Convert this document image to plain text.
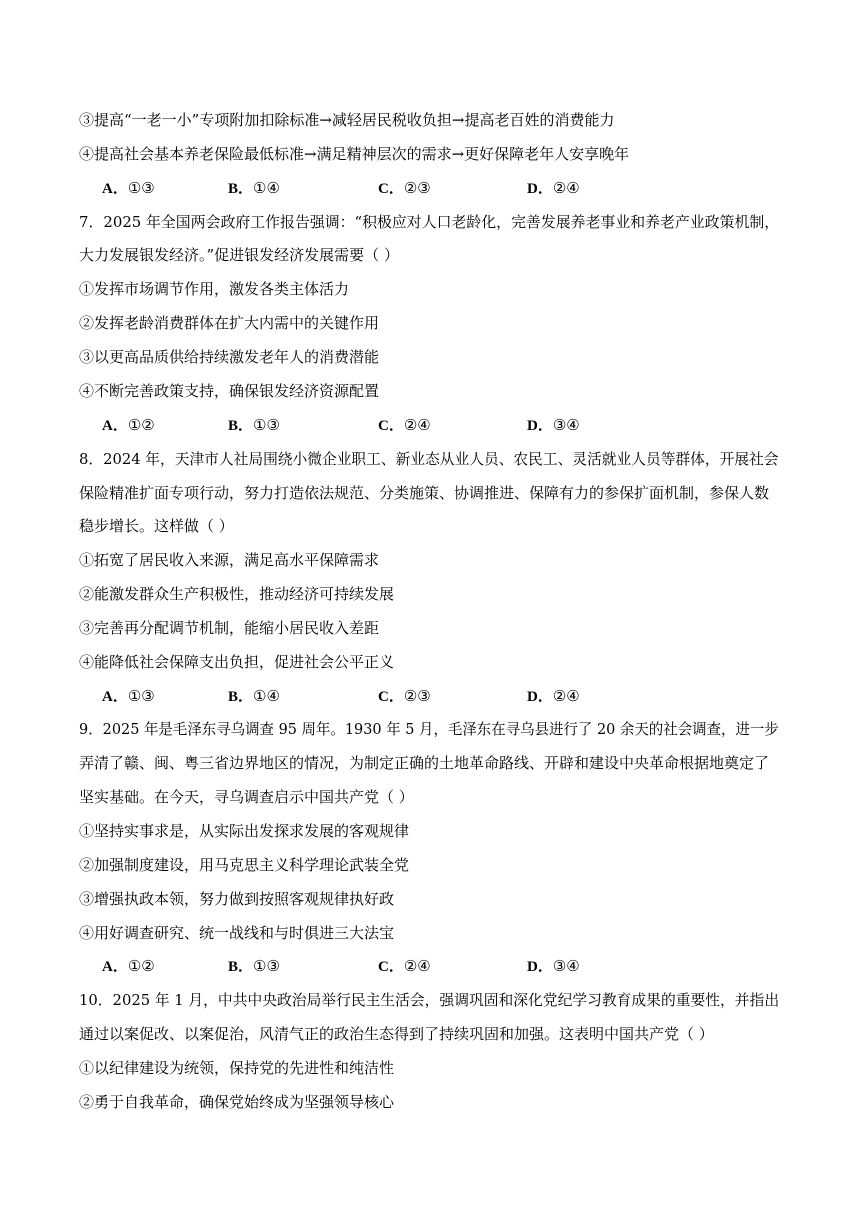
③提高“一老一小”专项附加扣除标准→减轻居民税收负担→提高老百姓的消费能力
④提高社会基本养老保险最低标准→满足精神层次的需求→更好保障老年人安享晚年
A．①③	B．①④	C．②③	D．②④
7．2025 年全国两会政府工作报告强调：“积极应对人口老龄化，完善发展养老事业和养老产业政策机制，
大力发展银发经济。”促进银发经济发展需要（ ）
①发挥市场调节作用，激发各类主体活力
②发挥老龄消费群体在扩大内需中的关键作用
③以更高品质供给持续激发老年人的消费潜能
④不断完善政策支持，确保银发经济资源配置
A．①②	B．①③	C．②④	D．③④
8．2024 年，天津市人社局围绕小微企业职工、新业态从业人员、农民工、灵活就业人员等群体，开展社会
保险精准扩面专项行动，努力打造依法规范、分类施策、协调推进、保障有力的参保扩面机制，参保人数
稳步增长。这样做（ ）
①拓宽了居民收入来源，满足高水平保障需求
②能激发群众生产积极性，推动经济可持续发展
③完善再分配调节机制，能缩小居民收入差距
④能降低社会保障支出负担，促进社会公平正义
A．①③	B．①④	C．②③	D．②④
9．2025 年是毛泽东寻乌调查 95 周年。1930 年 5 月，毛泽东在寻乌县进行了 20 余天的社会调查，进一步
弄清了赣、闽、粤三省边界地区的情况，为制定正确的土地革命路线、开辟和建设中央革命根据地奠定了
坚实基础。在今天，寻乌调查启示中国共产党（ ）
①坚持实事求是，从实际出发探求发展的客观规律
②加强制度建设，用马克思主义科学理论武装全党
③增强执政本领，努力做到按照客观规律执好政
④用好调查研究、统一战线和与时俱进三大法宝
A．①②	B．①③	C．②④	D．③④
10．2025 年 1 月，中共中央政治局举行民主生活会，强调巩固和深化党纪学习教育成果的重要性，并指出
通过以案促改、以案促治，风清气正的政治生态得到了持续巩固和加强。这表明中国共产党（ ）
①以纪律建设为统领，保持党的先进性和纯洁性
②勇于自我革命，确保党始终成为坚强领导核心
